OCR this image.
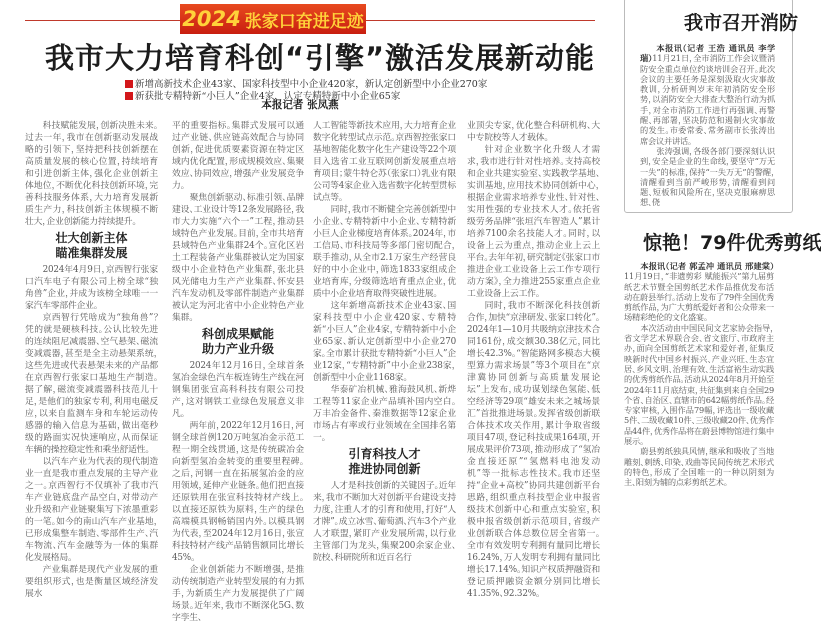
2024 张家口奋进足迹
我市大力培育科创“引擎”激活发展新动能
新增高新技术企业43家、国家科技型中小企业420家，新认定创新型中小企业270家
新获批专精特新“小巨人”企业4家，认定专精特新中小企业65家
本报记者 张凤燕

科技赋能发展，创新决胜未来。过去一年，我市在创新驱动发展战略的引领下，坚持把科技创新摆在高质量发展的核心位置，持续培育和引进创新主体，强化企业创新主体地位，不断优化科技创新环境，完善科技服务体系，大力培育发展新质生产力，科技创新主体规模不断壮大，企业创新能力持续提升。

壮大创新主体
瞄准集群发展

2024年4月9日，京西智行张家口汽车电子有限公司上榜全球“独角兽”企业，并成为该榜全球唯一一家汽车零部件企业。

京西智行凭啥成为“独角兽”？凭的就是硬核科技。公认比较先进的连续阻尼减震器、空气悬架、磁流变减震器，甚至是全主动悬架系统，这些先进或代表悬架未来的产品都在京西智行张家口基地生产制造。据了解，磁流变减震器科技范儿十足，是他们的独家专利，利用电磁反应，以来自监测车身和车轮运动传感器的输入信息为基础，做出毫秒级的路面实况快速响应，从而保证车辆的操控稳定性和乘坐舒适性。

以汽车产业为代表的现代制造业一直是我市重点发展的主导产业之一。京西智行不仅填补了我市汽车产业链底盘产品空白，对带动产业升级和产业链聚集写下浓墨重彩的一笔。如今的南山汽车产业基地，已形成集整车制造、零部件生产、汽车物流、汽车金融等为一体的集群化发展格局。

产业集群是现代产业发展的重要组织形式，也是衡量区域经济发展水

平的重要指标。集群式发展可以通过产业链、供应链高效配合与协同创新，促进优质要素资源在特定区域内优化配置，形成规模效应、集聚效应、协同效应，增强产业发展竞争力。

聚焦创新驱动、标准引领、品牌建设、工业设计等12条发展路径，我市大力实施“六个一”工程，推动县域特色产业发展。目前，全市共培育县域特色产业集群24个。宣化区岩土工程装备产业集群被认定为国家级中小企业特色产业集群，张北县风光储电力生产产业集群、怀安县汽车发动机及零部件制造产业集群被认定为河北省中小企业特色产业集群。

科创成果赋能
助力产业升级

2024年12月16日，全球首条氢冶金绿色汽车板连铸生产线在河钢集团张宣高科科技有限公司投产，这对钢铁工业绿色发展意义非凡。

两年前，2022年12月16日，河钢全球首例120万吨氢冶金示范工程一期全线贯通，这是传统碳冶金向新型氢冶金转变的重要里程碑。之后，河钢一直在拓展氢冶金的应用领域，延伸产业链条。他们把直接还原铁用在张宣科技特材产线上。以直接还原铁为原料，生产的绿色高端模具钢畅销国内外。以模具钢为代表，至2024年12月16日，张宣科技特材产线产品销售额同比增长45%。

企业创新能力不断增强，是推动传统制造产业转型发展的有力抓手，为新质生产力发展提供了广阔场景。近年来，我市不断深化5G、数字孪生、

人工智能等新技术应用，大力培育企业数字化转型试点示范。京西智控张家口基地智能化数字化生产建设等22个项目入选省工业互联网创新发展重点培育项目；蒙牛特仑苏（张家口）乳业有限公司等4家企业入选省数字化转型贯标试点等。

同时，我市不断健全完善创新型中小企业、专精特新中小企业、专精特新小巨人企业梯度培育体系。2024年，市工信局、市科技局等多部门密切配合，联手推动，从全市2.1万家生产经营良好的中小企业中，筛选1833家组成企业培育库，分级筛选培育重点企业，优质中小企业培育取得突破性进展。

这年新增高新技术企业43家、国家科技型中小企业420家、专精特新“小巨人”企业4家，专精特新中小企业65家、新认定创新型中小企业270家。全市累计获批专精特新“小巨人”企业12家，“专精特新”中小企业238家，创新型中小企业1168家。

华泰矿冶机械、雅海鼓风机、新烨工程等11家企业产品填补国内空白。万丰冶金备件、秦淮数据等12家企业市场占有率或行业领域在全国排名第一。

引育科技人才
推进协同创新

人才是科技创新的关键因子。近年来，我市不断加大对创新平台建设支持力度，注重人才的引育和使用，打好“人才牌”。成立冰雪、葡萄酒、汽车3个产业人才联盟，紧盯产业发展所需，以行业主管部门为龙头，集聚200余家企业、院校、科研院所和近百名行

业顶尖专家，优化整合科研机构、大中专院校等人才载体。

针对企业数字化升级人才需求，我市进行针对性培养。支持高校和企业共建实验室、实践教学基地、实训基地，应用技术协同创新中心，根据企业需求培养专业性、针对性、实用性强的专业技术人才。依托省级劳务品牌“张垣汽车智造人”累计培养7100余名技能人才。同时，以设备上云为重点，推动企业上云上平台。去年年初，研究制定《张家口市推进企业工业设备上云工作专项行动方案》，全力推进255家重点企业工业设备上云工作。

同时，我市不断深化科技创新合作，加快“京津研发、张家口转化”。2024年1—10月共吸纳京津技术合同161份，成交额30.38亿元，同比增长42.3%。“智能路网多模态大模型算力需求场景”等3个项目在“京津冀协同创新与高质量发展论坛”上发布，成功谋划绿色氢能、低空经济等29项“雄安未来之城场景汇”首批推进场景。发挥省级创新联合体技术攻关作用，累计争取省级项目47项，登记科技成果164项，开展成果评价73项，推动形成了“氢冶金直接还原”“氢燃料电池发动机”等一批标志性技术。我市还坚持“企业+高校”协同共建创新平台思路，组织重点科技型企业申报省级技术创新中心和重点实验室，积极申报省级创新示范项目，省级产业创新联合体总数位居全省第一。全市有效发明专利拥有量同比增长16.24%，万人发明专利拥有量同比增长17.14%。知识产权质押融资和登记质押融资金额分别同比增长41.35%、92.32%。

我市召开消防

本报讯（记者 王浩 通讯员 李学瑞）11月21日，全市消防工作会议暨消防安全重点单位约谈培训会召开。此次会议的主要任务是深刻汲取火灾事故教训，分析研判岁末年初消防安全形势，以消防安全大排查大整治行动为抓手，对全市消防工作进行再强调、再警醒、再部署，坚决防范和遏制火灾事故的发生。市委常委、常务副市长张涛出席会议并讲话。

张涛强调，各级各部门要深刻认识到，安全是企业的生命线，要坚守“万无一失”的标准，保持“一失万无”的警醒，清醒看到当前严峻形势，清醒看到问题、短板和风险所在，坚决克服麻痹思想、侥

惊艳！79件优秀剪纸

本报讯（记者 郭孟冲 通讯员 邢建棠）11月19日，“非遗剪彩 赋能振兴”第九届剪纸艺术节暨全国剪纸艺术作品推优发布活动在蔚县举行。活动上发布了79件全国优秀剪纸作品，为广大剪纸爱好者和公众带来一场精彩绝伦的文化盛宴。

本次活动由中国民间文艺家协会指导，省文学艺术界联合会、省文旅厅、市政府主办，面向全国剪纸艺术家和爱好者，征集反映新时代中国乡村振兴、产业兴旺、生态宜居、乡风文明、治理有效、生活富裕生动实践的优秀剪纸作品。活动从2024年8月开始至2024年11月底结束，共征集到来自全国29个省、自治区、直辖市的642幅剪纸作品。经专家审核，入围作品79幅，评选出一级收藏5件、二级收藏10件、三级收藏20件、优秀作品44件，优秀作品将在蔚县博物馆进行集中展示。

蔚县剪纸独具风情，继承和吸收了当地雕刻、刺绣、印染、戏曲等民间传统艺术形式的特色，形成了全国唯一的一种以阴刻为主、阳刻为辅的点彩剪纸艺术。
